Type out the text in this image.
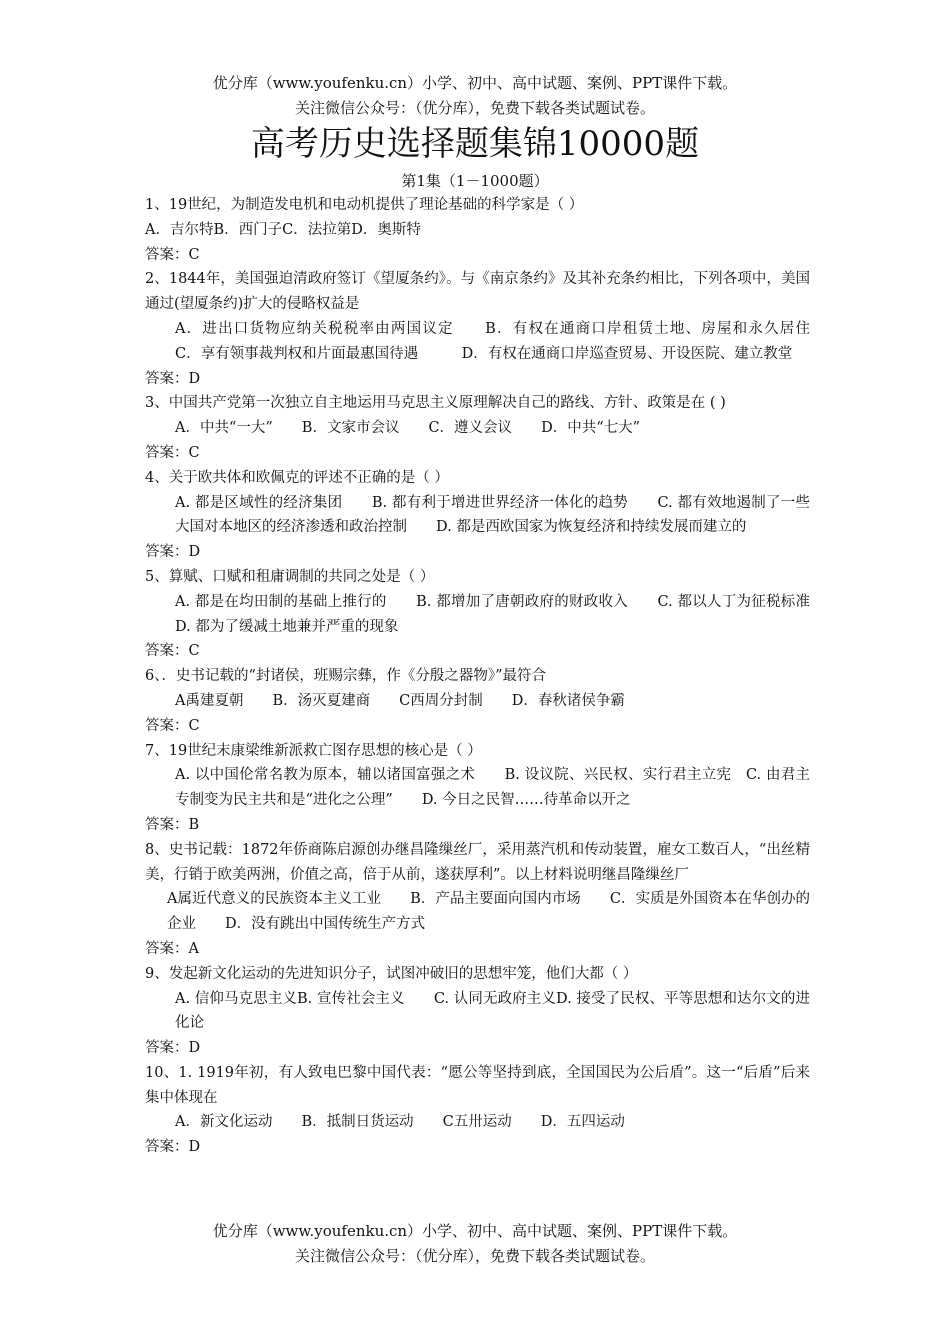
优分库（www.youfenku.cn）小学、初中、高中试题、案例、PPT课件下载。
关注微信公众号：（优分库），免费下载各类试题试卷。
高考历史选择题集锦10000题
第1集（1－1000题）

1、19世纪，为制造发电机和电动机提供了理论基础的科学家是（ ）

A．吉尔特B．西门子C．法拉第D．奥斯特

答案：C

2、1844年，美国强迫清政府签订《望厦条约》。与《南京条约》及其补充条约相比，下列各项中，美国通过(望厦条约)扩大的侵略权益是

A．进出口货物应纳关税税率由两国议定　　 B．有权在通商口岸租赁土地、房屋和永久居住　　C．享有领事裁判权和片面最惠国待遇　　　	D．有权在通商口岸巡查贸易、开设医院、建立教堂

答案：D

3、中国共产党第一次独立自主地运用马克思主义原理解决自己的路线、方针、政策是在 ( )

A．中共“一大”　　 B．文家市会议　　 C．遵义会议　　 D．中共“七大”

答案：C

4、关于欧共体和欧佩克的评述不正确的是（ ）

A. 都是区域性的经济集团　　 B. 都有利于增进世界经济一体化的趋势　　 C. 都有效地遏制了一些大国对本地区的经济渗透和政治控制　　 D. 都是西欧国家为恢复经济和持续发展而建立的

答案：D

5、算赋、口赋和租庸调制的共同之处是（ ）

A. 都是在均田制的基础上推行的　　 B. 都增加了唐朝政府的财政收入　　 C. 都以人丁为征税标准　　D. 都为了缓减土地兼并严重的现象

答案：C

6、．史书记载的“封诸侯，班赐宗彝，作《分殷之器物》”最符合

A禹建夏朝　　 B．汤灭夏建商　　 C西周分封制　　 D．春秋诸侯争霸

答案：C

7、19世纪末康梁维新派救亡图存思想的核心是（ ）

A. 以中国伦常名教为原本，辅以诸国富强之术　　 B. 设议院、兴民权、实行君主立宪　 C. 由君主专制变为民主共和是“进化之公理”　　 D. 今日之民智……待革命以开之

答案：B

8、史书记载：1872年侨商陈启源创办继昌隆缫丝厂，采用蒸汽机和传动装置，雇女工数百人，“出丝精美，行销于欧美两洲，价值之高，倍于从前，遂获厚利”。以上材料说明继昌隆缫丝厂

A属近代意义的民族资本主义工业　　 B．产品主要面向国内市场　　 C．实质是外国资本在华创办的企业　　 D．没有跳出中国传统生产方式

答案：A

9、发起新文化运动的先进知识分子，试图冲破旧的思想牢笼，他们大都（ ）

A. 信仰马克思主义B. 宣传社会主义　　 C. 认同无政府主义D. 接受了民权、平等思想和达尔文的进化论

答案：D

10、1. 1919年初，有人致电巴黎中国代表：“愿公等坚持到底，全国国民为公后盾”。这一“后盾”后来集中体现在

A．新文化运动　　 B．抵制日货运动　　 C五卅运动　　 D．五四运动

答案：D

优分库（www.youfenku.cn）小学、初中、高中试题、案例、PPT课件下载。
关注微信公众号：（优分库），免费下载各类试题试卷。
